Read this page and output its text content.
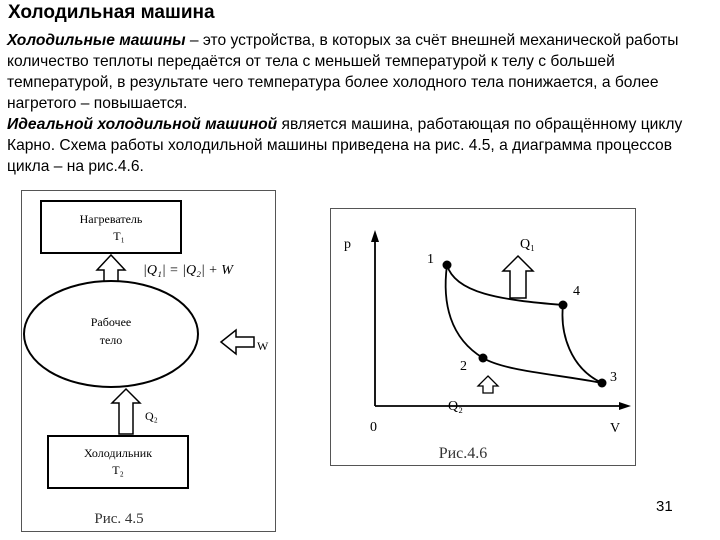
Холодильная машина

Холодильные машины – это устройства, в которых за счёт внешней механической работы количество теплоты передаётся от тела с меньшей температурой к телу с большей температурой, в результате чего температура более холодного тела понижается, а более нагретого – повышается.
Идеальной холодильной машиной является машина, работающая по обращённому циклу Карно. Схема работы холодильной машины приведена на рис. 4.5, а диаграмма процессов цикла – на рис.4.6.

Нагреватель
T₁
|Q₁| = |Q₂| + W
Рабочее
тело	W
Q₂
Холодильник
T₂
Рис. 4.5
p
V
0
1
2
3
4
Q₁
Q₂
Рис.4.6
31
